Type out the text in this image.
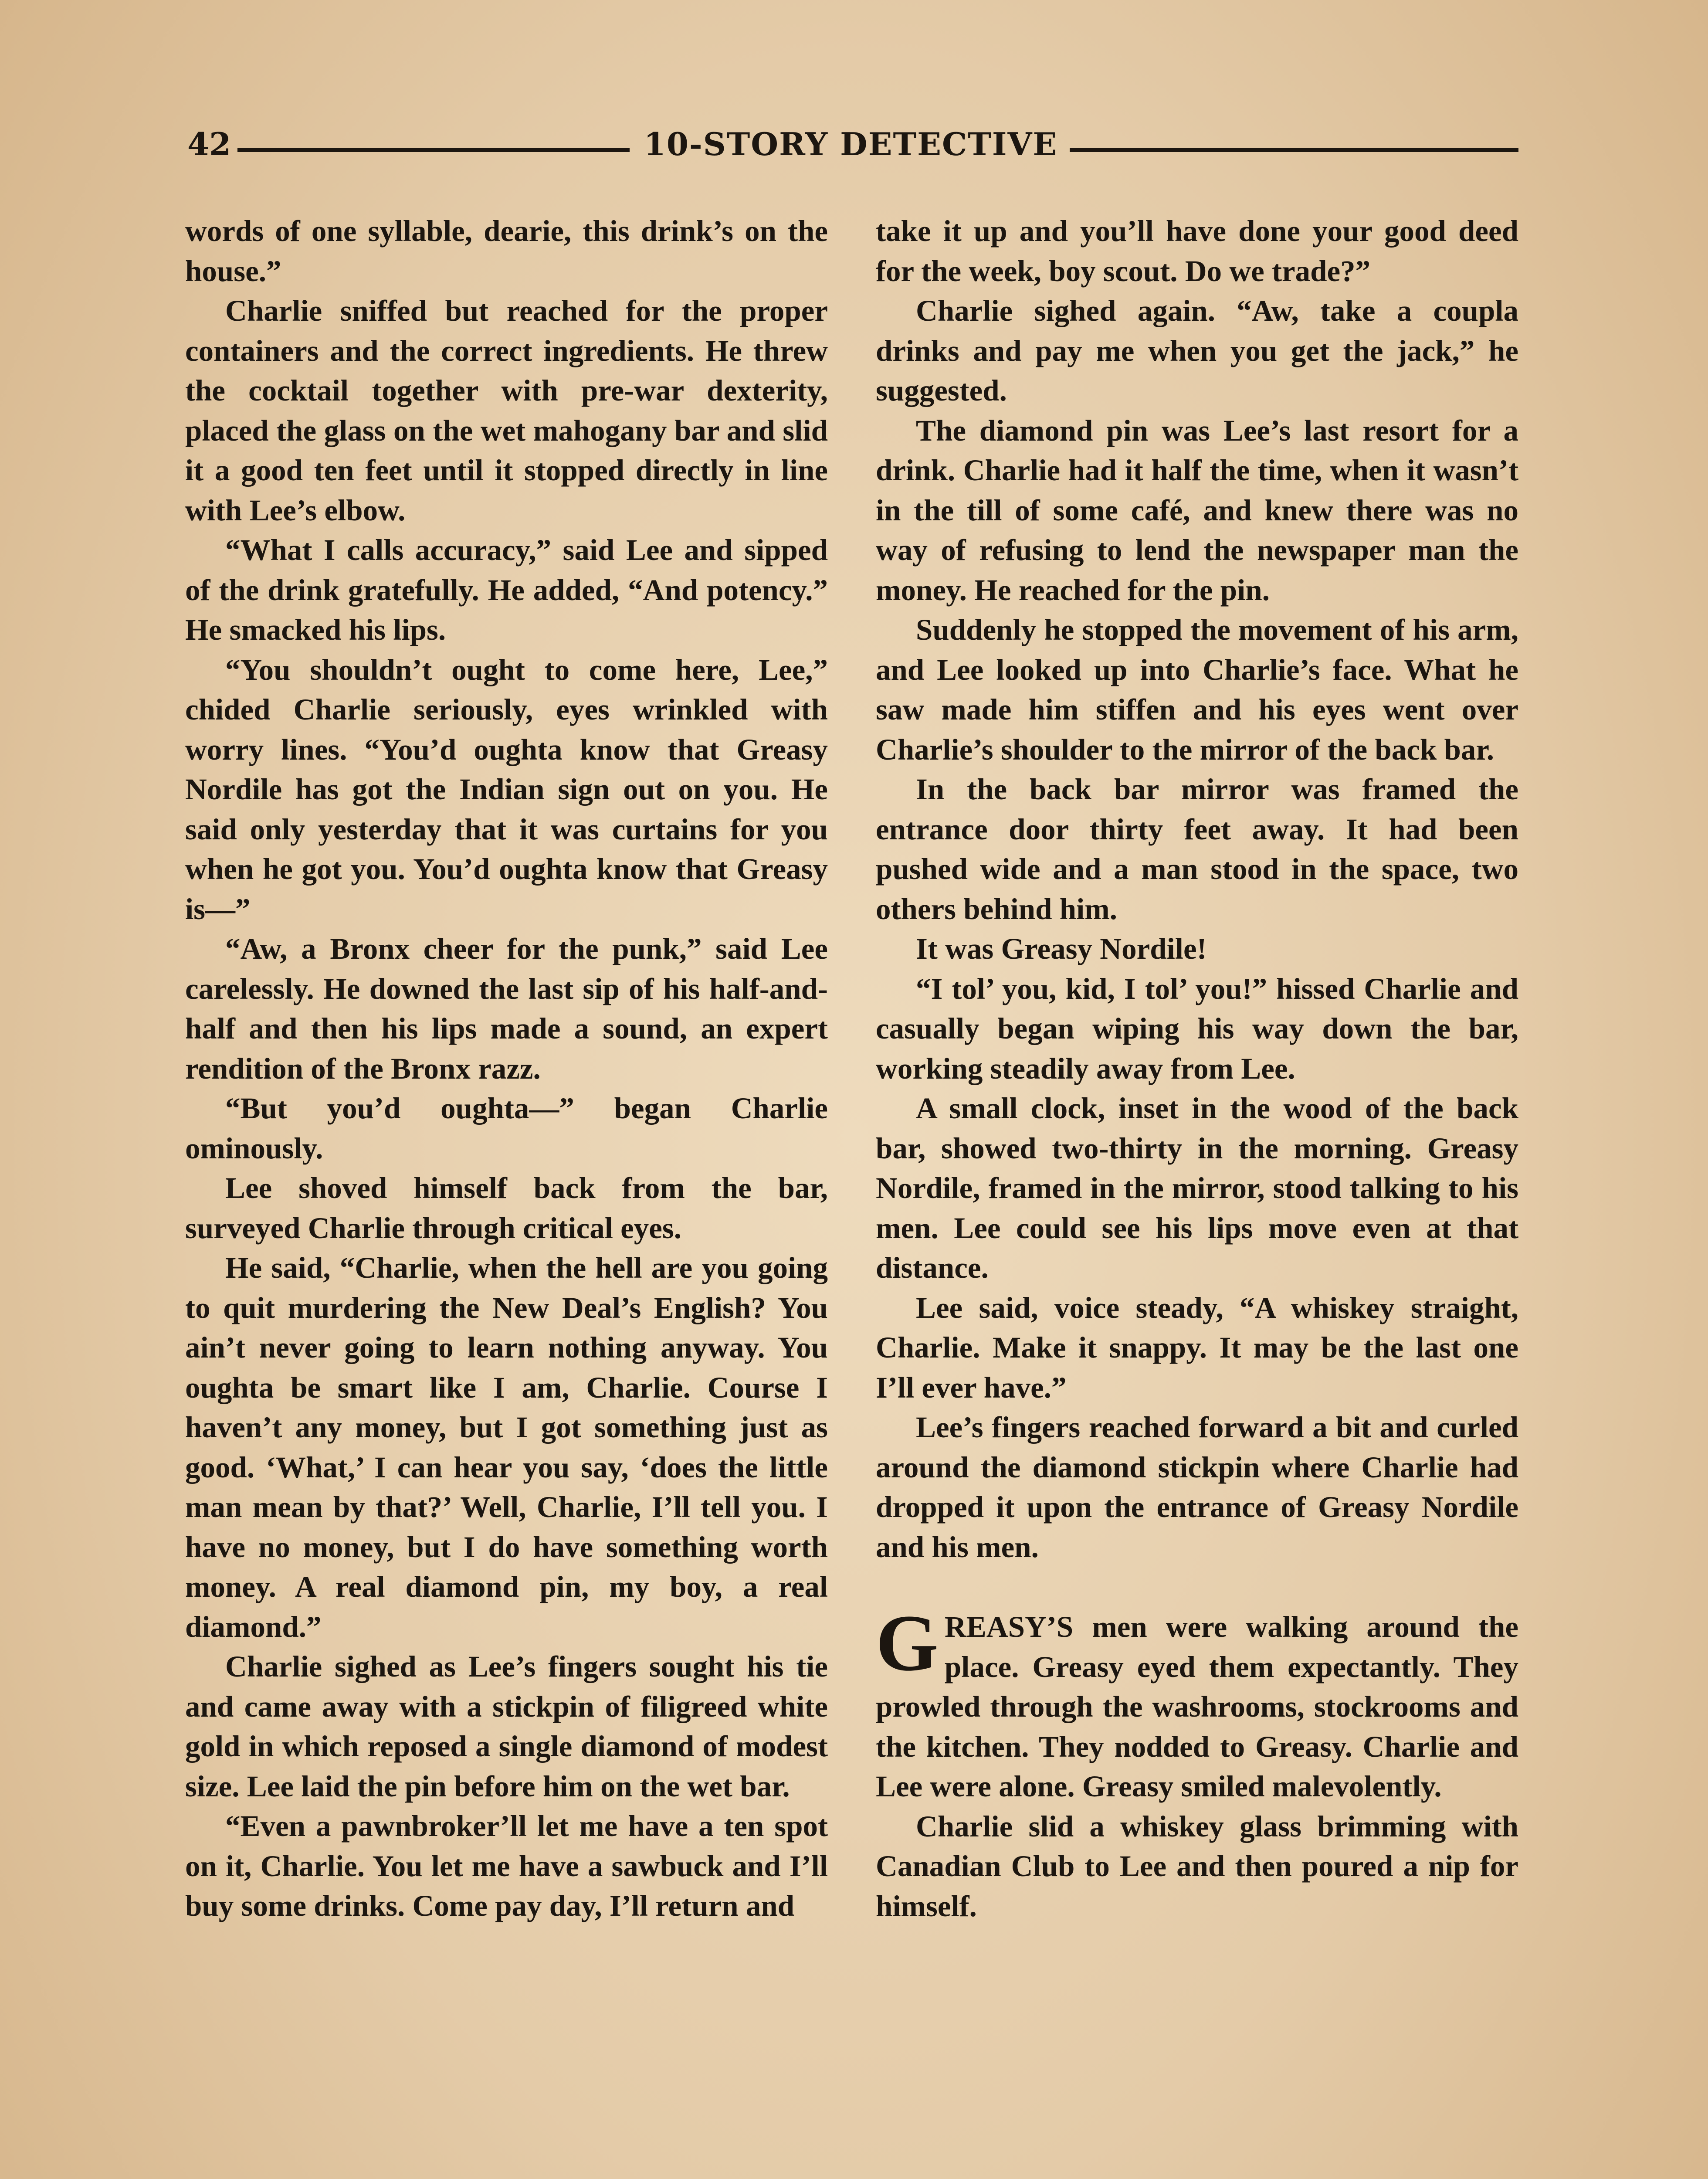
42	10-STORY DETECTIVE

words of one syllable, dearie, this drink’s on the house.”

Charlie sniffed but reached for the proper containers and the correct ingredients. He threw the cocktail together with pre-war dexterity, placed the glass on the wet mahogany bar and slid it a good ten feet until it stopped directly in line with Lee’s elbow.

“What I calls accuracy,” said Lee and sipped of the drink gratefully. He added, “And potency.” He smacked his lips.

“You shouldn’t ought to come here, Lee,” chided Charlie seriously, eyes wrinkled with worry lines. “You’d oughta know that Greasy Nordile has got the Indian sign out on you. He said only yesterday that it was curtains for you when he got you. You’d oughta know that Greasy is—”

“Aw, a Bronx cheer for the punk,” said Lee carelessly. He downed the last sip of his half-and-half and then his lips made a sound, an expert rendition of the Bronx razz.

“But you’d oughta—” began Charlie ominously.

Lee shoved himself back from the bar, surveyed Charlie through critical eyes.

He said, “Charlie, when the hell are you going to quit murdering the New Deal’s English? You ain’t never going to learn nothing anyway. You oughta be smart like I am, Charlie. Course I haven’t any money, but I got something just as good. ‘What,’ I can hear you say, ‘does the little man mean by that?’ Well, Charlie, I’ll tell you. I have no money, but I do have something worth money. A real diamond pin, my boy, a real diamond.”

Charlie sighed as Lee’s fingers sought his tie and came away with a stickpin of filigreed white gold in which reposed a single diamond of modest size. Lee laid the pin before him on the wet bar.

“Even a pawnbroker’ll let me have a ten spot on it, Charlie. You let me have a sawbuck and I’ll buy some drinks. Come pay day, I’ll return and

take it up and you’ll have done your good deed for the week, boy scout. Do we trade?”

Charlie sighed again. “Aw, take a coupla drinks and pay me when you get the jack,” he suggested.

The diamond pin was Lee’s last resort for a drink. Charlie had it half the time, when it wasn’t in the till of some café, and knew there was no way of refusing to lend the newspaper man the money. He reached for the pin.

Suddenly he stopped the movement of his arm, and Lee looked up into Charlie’s face. What he saw made him stiffen and his eyes went over Charlie’s shoulder to the mirror of the back bar.

In the back bar mirror was framed the entrance door thirty feet away. It had been pushed wide and a man stood in the space, two others behind him.

It was Greasy Nordile!

“I tol’ you, kid, I tol’ you!” hissed Charlie and casually began wiping his way down the bar, working steadily away from Lee.

A small clock, inset in the wood of the back bar, showed two-thirty in the morning. Greasy Nordile, framed in the mirror, stood talking to his men. Lee could see his lips move even at that distance.

Lee said, voice steady, “A whiskey straight, Charlie. Make it snappy. It may be the last one I’ll ever have.”

Lee’s fingers reached forward a bit and curled around the diamond stickpin where Charlie had dropped it upon the entrance of Greasy Nordile and his men.

GREASY’S men were walking around the place. Greasy eyed them expectantly. They prowled through the washrooms, stockrooms and the kitchen. They nodded to Greasy. Charlie and Lee were alone. Greasy smiled malevolently.

Charlie slid a whiskey glass brimming with Canadian Club to Lee and then poured a nip for himself.
